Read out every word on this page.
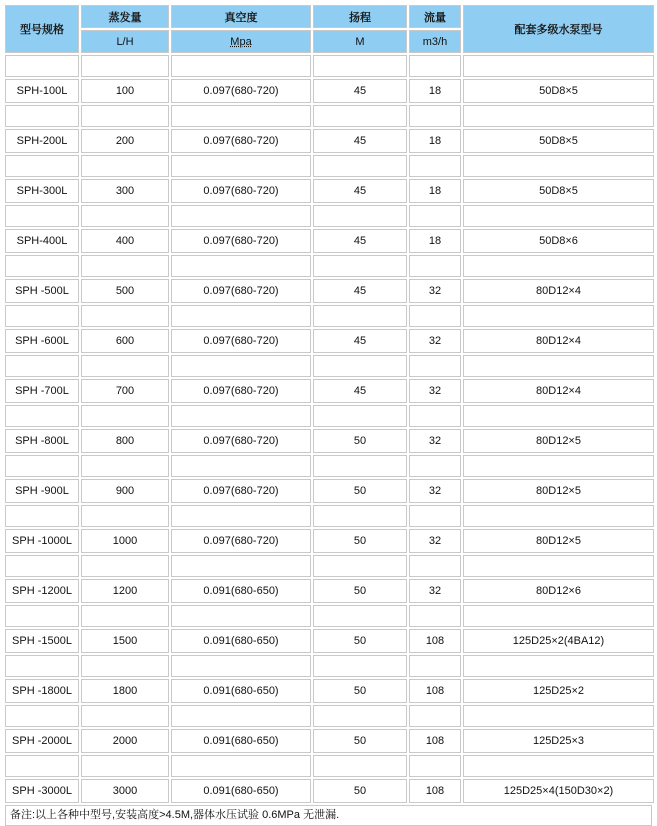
型号规格	蒸发量	真空度	扬程	流量	配套多级水泵型号
	L/H	Mpa	M	m3/h	

SPH-100L	100	0.097(680-720)	45	18	50D8×5

SPH-200L	200	0.097(680-720)	45	18	50D8×5

SPH-300L	300	0.097(680-720)	45	18	50D8×5

SPH-400L	400	0.097(680-720)	45	18	50D8×6

SPH -500L	500	0.097(680-720)	45	32	80D12×4

SPH -600L	600	0.097(680-720)	45	32	80D12×4

SPH -700L	700	0.097(680-720)	45	32	80D12×4

SPH -800L	800	0.097(680-720)	50	32	80D12×5

SPH -900L	900	0.097(680-720)	50	32	80D12×5

SPH -1000L	1000	0.097(680-720)	50	32	80D12×5

SPH -1200L	1200	0.091(680-650)	50	32	80D12×6

SPH -1500L	1500	0.091(680-650)	50	108	125D25×2(4BA12)

SPH -1800L	1800	0.091(680-650)	50	108	125D25×2

SPH -2000L	2000	0.091(680-650)	50	108	125D25×3

SPH -3000L	3000	0.091(680-650)	50	108	125D25×4(150D30×2)
备注:以上各种中型号,安装高度>4.5M,器体水压试验 0.6MPa 无泄漏.
